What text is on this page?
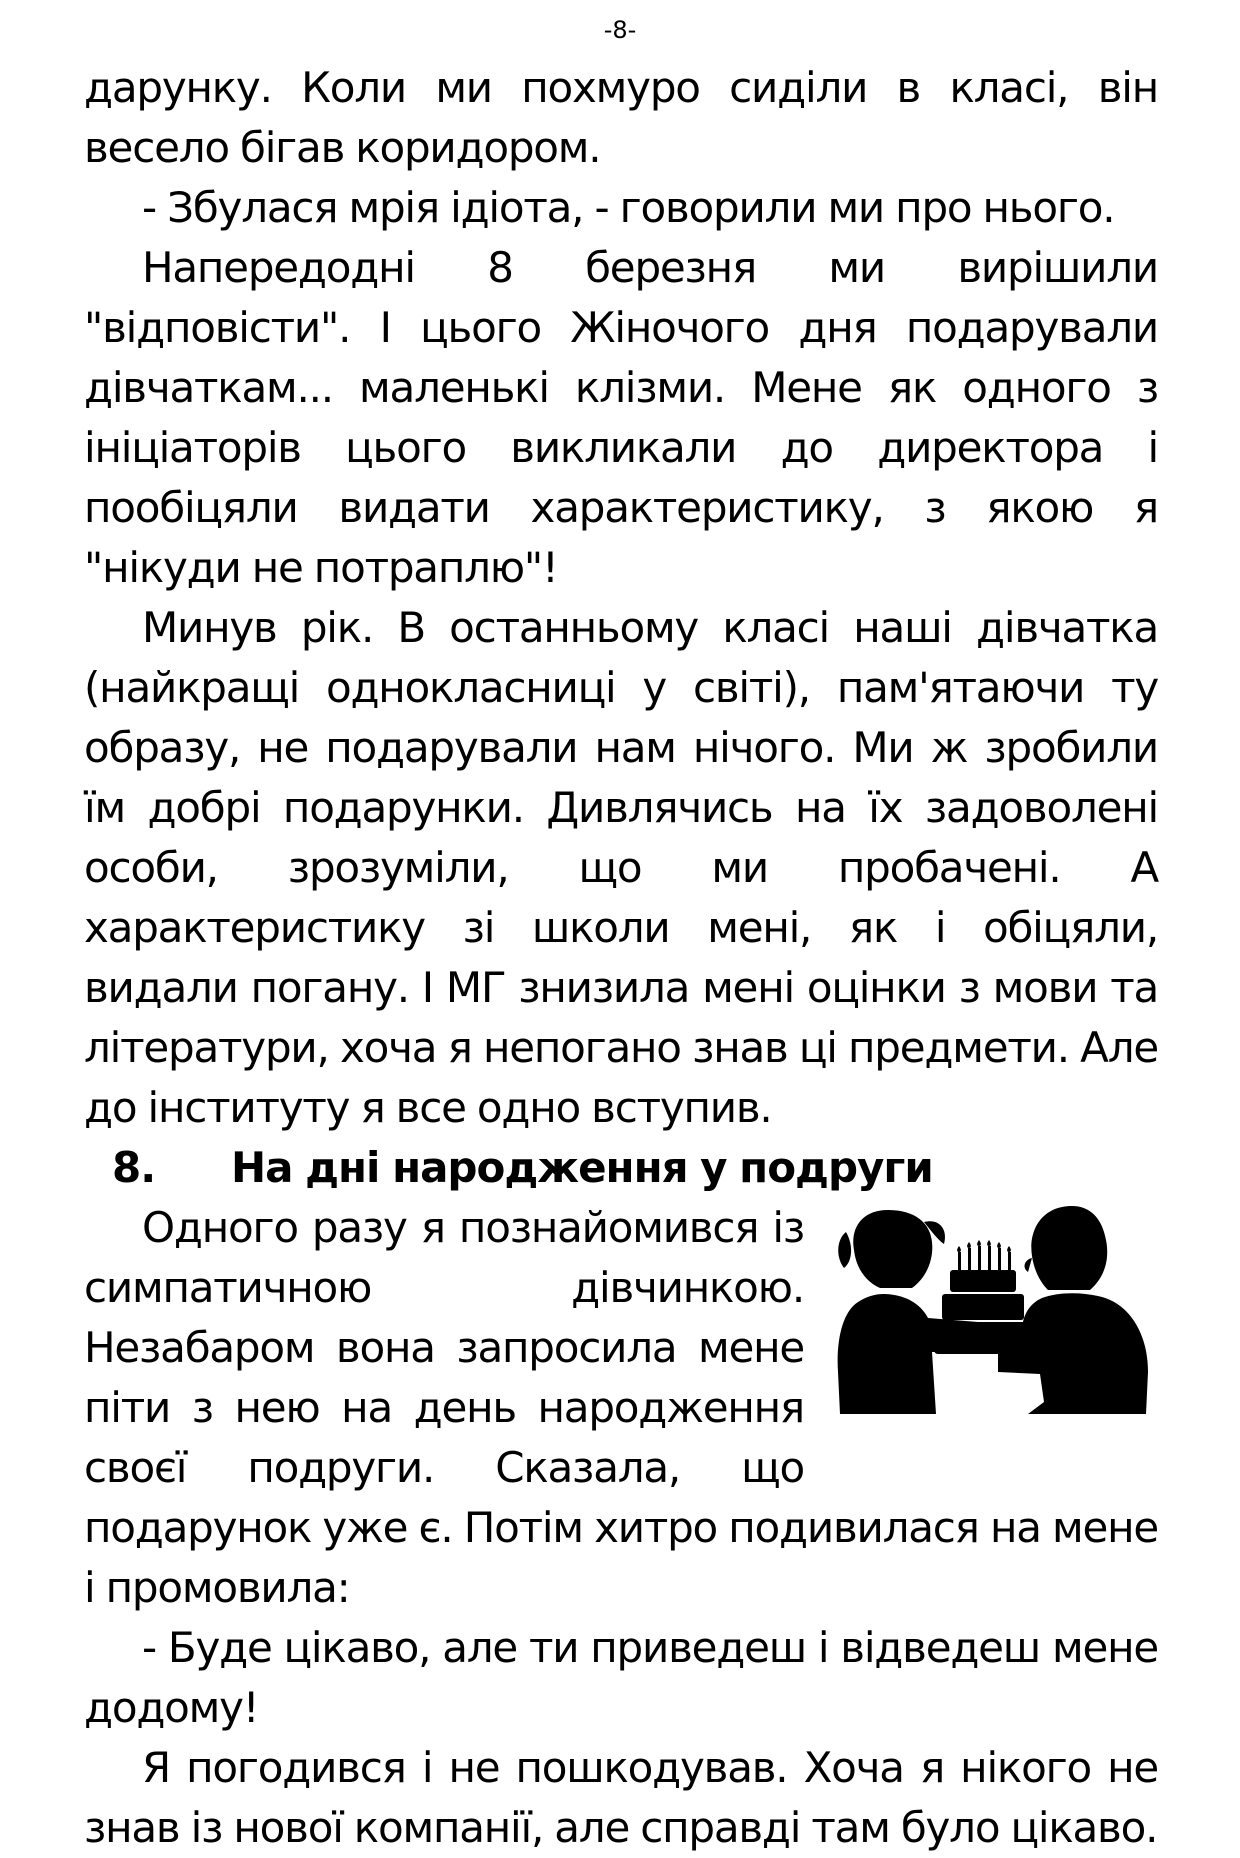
-8-

дарунку. Коли ми похмуро сиділи в класі, він весело бігав коридором.

- Збулася мрія ідіота, - говорили ми про нього.

Напередодні 8 березня ми вирішили "відповісти". І цього Жіночого дня подарували дівчаткам... маленькі клізми. Мене як одного з ініціаторів цього викликали до директора і пообіцяли видати характеристику, з якою я "нікуди не потраплю"!

Минув рік. В останньому класі наші дівчатка (найкращі однокласниці у світі), пам'ятаючи ту образу, не подарували нам нічого. Ми ж зробили їм добрі подарунки. Дивлячись на їх задоволені особи, зрозуміли, що ми пробачені. А характеристику зі школи мені, як і обіцяли, видали погану. І МГ знизила мені оцінки з мови та літератури, хоча я непогано знав ці предмети. Але до інституту я все одно вступив.

8.	На дні народження у подруги

Одного разу я познайомився із симпатичною дівчинкою. Незабаром вона запросила мене піти з нею на день народження своєї подруги. Сказала, що подарунок уже є. Потім хитро подивилася на мене і промовила:

- Буде цікаво, але ти приведеш і відведеш мене додому!

Я погодився і не пошкодував. Хоча я нікого не знав із нової компанії, але справді там було цікаво.
